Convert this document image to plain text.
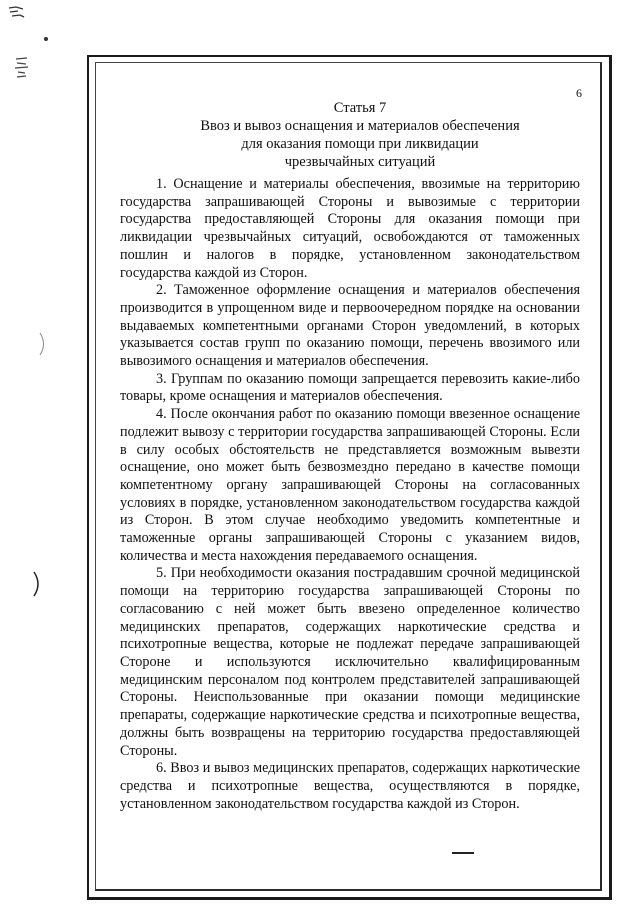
6
Статья 7
Ввоз и вывоз оснащения и материалов обеспечения
для оказания помощи при ликвидации
чрезвычайных ситуаций

1. Оснащение и материалы обеспечения, ввозимые на территорию государства запрашивающей Стороны и вывозимые с территории государства предоставляющей Стороны для оказания помощи при ликвидации чрезвычайных ситуаций, освобождаются от таможенных пошлин и налогов в порядке, установленном законодательством государства каждой из Сторон.

2. Таможенное оформление оснащения и материалов обеспечения производится в упрощенном виде и первоочередном порядке на основании выдаваемых компетентными органами Сторон уведомлений, в которых указывается состав групп по оказанию помощи, перечень ввозимого или вывозимого оснащения и материалов обеспечения.

3. Группам по оказанию помощи запрещается перевозить какие-либо товары, кроме оснащения и материалов обеспечения.

4. После окончания работ по оказанию помощи ввезенное оснащение подлежит вывозу с территории государства запрашивающей Стороны. Если в силу особых обстоятельств не представляется возможным вывезти оснащение, оно может быть безвозмездно передано в качестве помощи компетентному органу запрашивающей Стороны на согласованных условиях в порядке, установленном законодательством государства каждой из Сторон. В этом случае необходимо уведомить компетентные и таможенные органы запрашивающей Стороны с указанием видов, количества и места нахождения передаваемого оснащения.

5. При необходимости оказания пострадавшим срочной медицинской помощи на территорию государства запрашивающей Стороны по согласованию с ней может быть ввезено определенное количество медицинских препаратов, содержащих наркотические средства и психотропные вещества, которые не подлежат передаче запрашивающей Стороне и используются исключительно квалифицированным медицинским персоналом под контролем представителей запрашивающей Стороны. Неиспользованные при оказании помощи медицинские препараты, содержащие наркотические средства и психотропные вещества, должны быть возвращены на территорию государства предоставляющей Стороны.

6. Ввоз и вывоз медицинских препаратов, содержащих наркотические средства и психотропные вещества, осуществляются в порядке, установленном законодательством государства каждой из Сторон.
